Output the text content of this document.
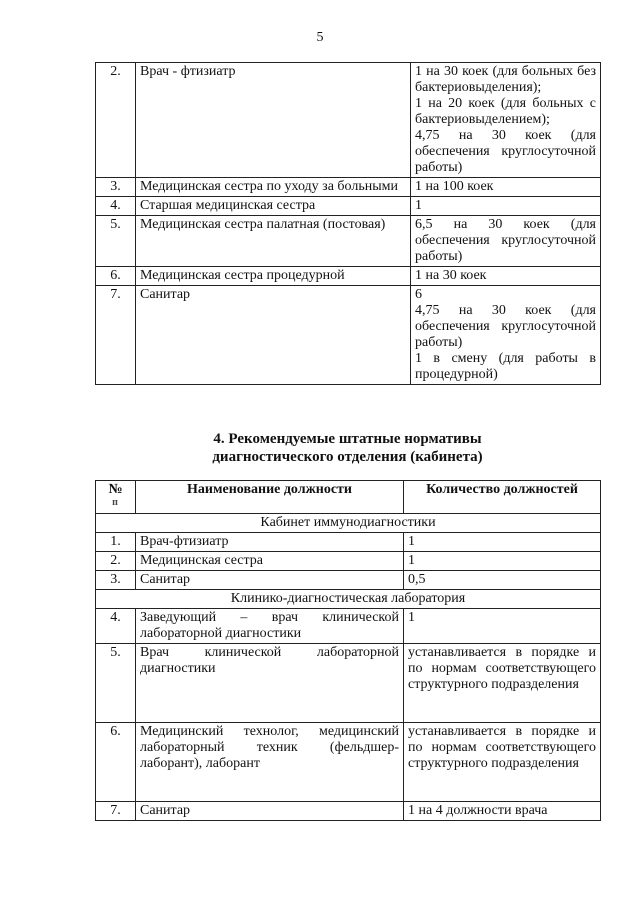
5
2.	Врач - фтизиатр	1 на 30 коек (для больных без бактериовыделения);
1 на 20 коек (для больных с бактериовыделением);
4,75 на 30 коек (для обеспечения круглосуточной работы)

3.	Медицинская сестра по уходу за больными	1 на 100 коек
4.	Старшая медицинская сестра	1
5.	Медицинская сестра палатная (постовая)	6,5 на 30 коек (для обеспечения круглосуточной работы)
6.	Медицинская сестра процедурной	1 на 30 коек
7.	Санитар	6
4,75 на 30 коек (для обеспечения круглосуточной работы)
1 в смену (для работы в процедурной)
4. Рекомендуемые штатные нормативы
диагностического отделения (кабинета)
№
п	Наименование должности	Количество должностей
Кабинет иммунодиагностики		
1.	Врач-фтизиатр	1
2.	Медицинская сестра	1
3.	Санитар	0,5
Клинико-диагностическая лаборатория		
4.	Заведующий – врач клинической лабораторной диагностики	1
5.	Врач клинической лабораторной диагностики	устанавливается в порядке и по нормам соответствующего структурного подразделения
6.	Медицинский технолог, медицинский лабораторный техник (фельдшер-лаборант), лаборант	устанавливается в порядке и по нормам соответствующего структурного подразделения
7.	Санитар	1 на 4 должности врача
